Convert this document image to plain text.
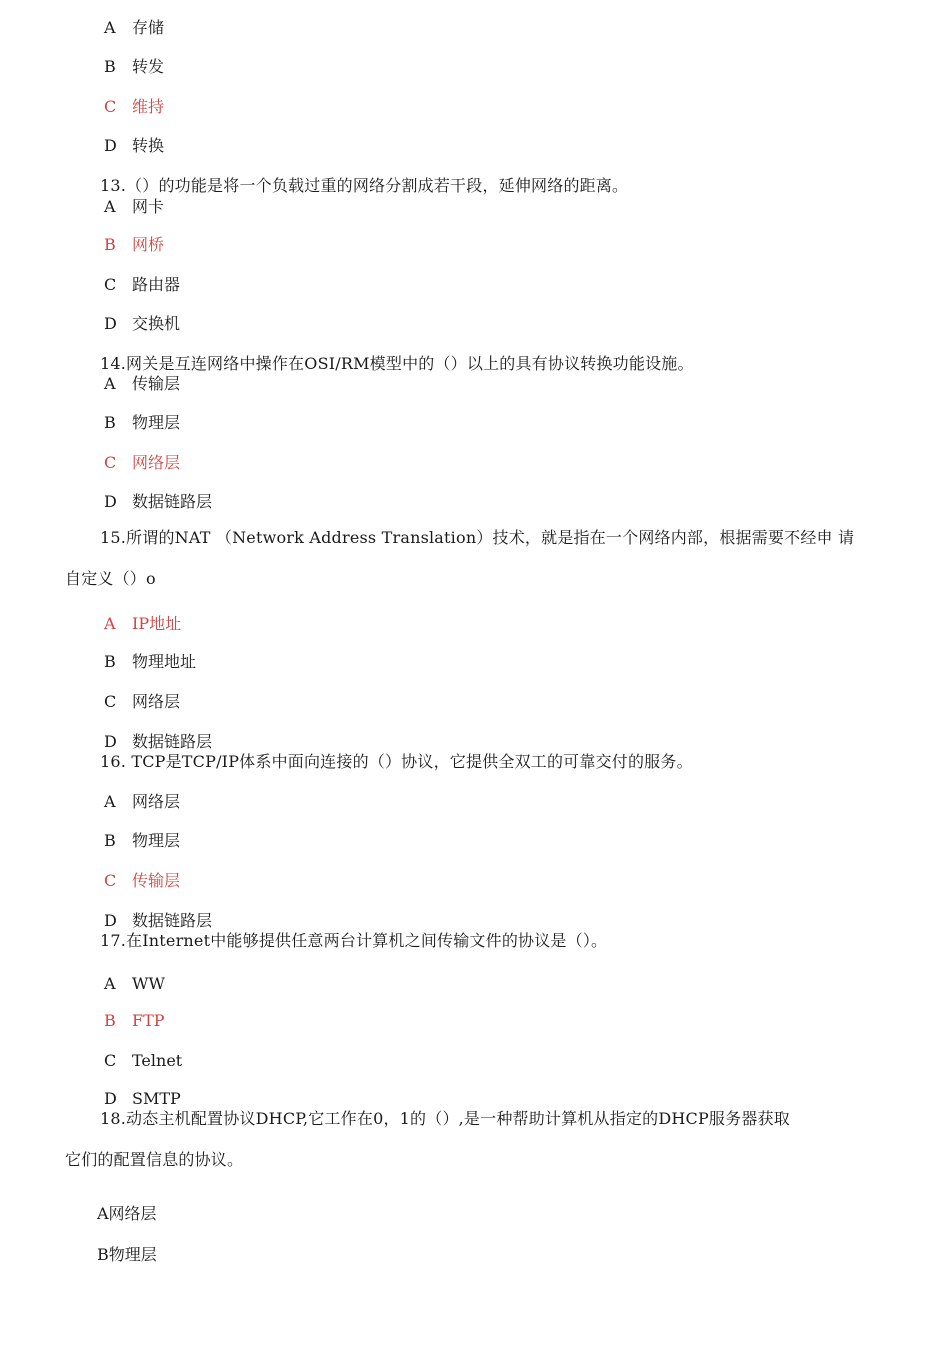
A 存储
B 转发
C 维持
D 转换
13.（）的功能是将一个负载过重的网络分割成若干段，延伸网络的距离。
A 网卡
B 网桥
C 路由器
D 交换机
14.网关是互连网络中操作在OSI/RM模型中的（）以上的具有协议转换功能设施。
A 传输层
B 物理层
C 网络层
D 数据链路层
15.所谓的NAT （Network Address Translation）技术，就是指在一个网络内部，根据需要不经申 请
自定义（）o
A IP地址
B 物理地址
C 网络层
D 数据链路层
16. TCP是TCP/IP体系中面向连接的（）协议，它提供全双工的可靠交付的服务。
A 网络层
B 物理层
C 传输层
D 数据链路层
17.在Internet中能够提供任意两台计算机之间传输文件的协议是（）。
A WW
B FTP
C Telnet
D SMTP
18.动态主机配置协议DHCP,它工作在0，1的（）,是一种帮助计算机从指定的DHCP服务器获取
它们的配置信息的协议。
A网络层
B物理层
